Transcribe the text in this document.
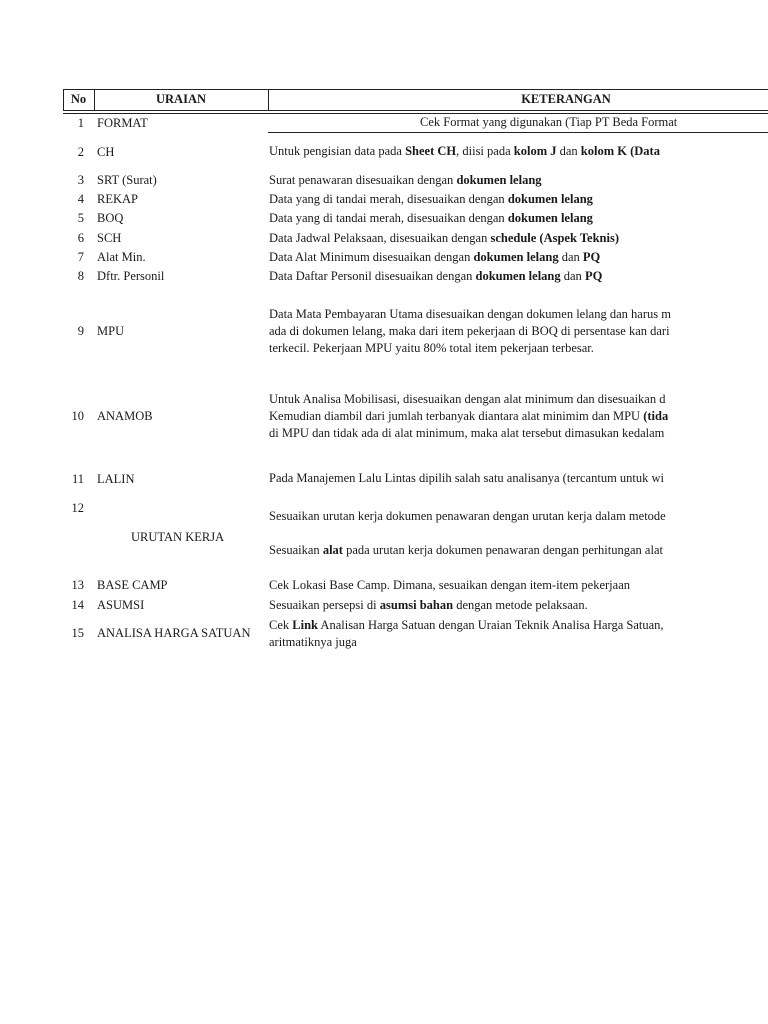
No	URAIAN	KETERANGAN
1
2
3
4
5
6
7
8
9
10
11
12
13
14
15
FORMAT
CH
SRT (Surat)
REKAP
BOQ
SCH
Alat Min.
Dftr. Personil
MPU
ANAMOB
LALIN
URUTAN KERJA
BASE CAMP
ASUMSI
ANALISA HARGA SATUAN
Cek Format yang digunakan (Tiap PT Beda Format
Untuk pengisian data pada Sheet CH, diisi pada kolom J dan kolom K (Data
Surat penawaran disesuaikan dengan dokumen lelang
Data yang di tandai merah, disesuaikan dengan dokumen lelang
Data yang di tandai merah, disesuaikan dengan dokumen lelang
Data Jadwal Pelaksaan, disesuaikan dengan schedule (Aspek Teknis)
Data Alat Minimum disesuaikan dengan dokumen lelang dan PQ
Data Daftar Personil disesuaikan dengan dokumen lelang dan PQ
Data Mata Pembayaran Utama disesuaikan dengan dokumen lelang dan harus m
ada di dokumen lelang, maka dari item pekerjaan di BOQ di persentase kan dari
terkecil. Pekerjaan MPU yaitu 80% total item pekerjaan terbesar.
Untuk Analisa Mobilisasi, disesuaikan dengan alat minimum dan disesuaikan d
Kemudian diambil dari jumlah terbanyak diantara alat minimim dan MPU (tida
di MPU dan tidak ada di alat minimum, maka alat tersebut dimasukan kedalam
Pada Manajemen Lalu Lintas dipilih salah satu analisanya (tercantum untuk wi
Sesuaikan urutan kerja dokumen penawaran dengan urutan kerja dalam metode
Sesuaikan alat pada urutan kerja dokumen penawaran dengan perhitungan alat
Cek Lokasi Base Camp. Dimana, sesuaikan dengan item-item pekerjaan
Sesuaikan persepsi di asumsi bahan dengan metode pelaksaan.
Cek Link Analisan Harga Satuan dengan Uraian Teknik Analisa Harga Satuan,
aritmatiknya juga
